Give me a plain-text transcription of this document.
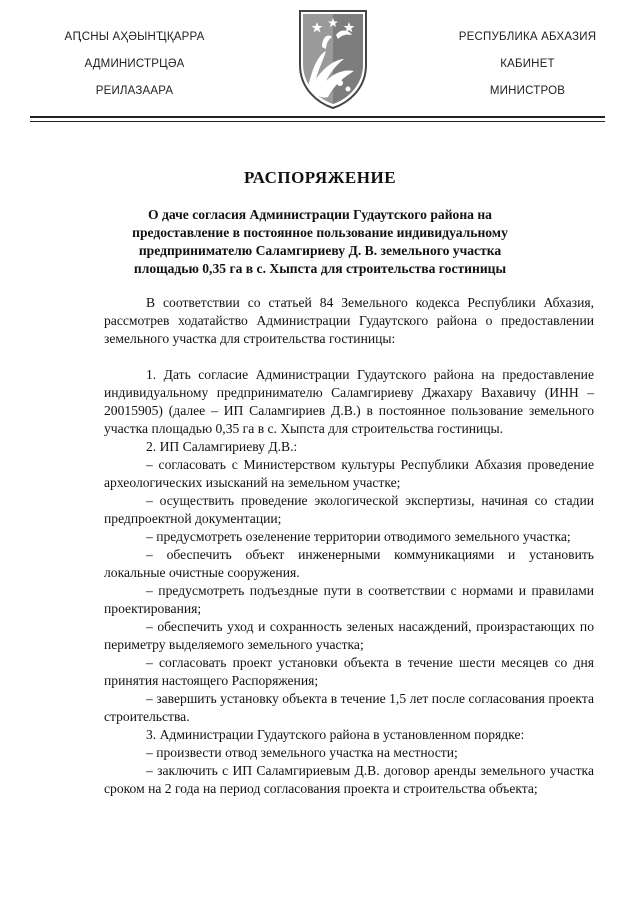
АԤСНЫ АҲӘЫНҴҚАРРА
АДМИНИСТРЦӘА
РЕИЛАЗААРА
РЕСПУБЛИКА АБХАЗИЯ
КАБИНЕТ
МИНИСТРОВ
РАСПОРЯЖЕНИЕ
О даче согласия Администрации Гудаутского района на предоставление в постоянное пользование индивидуальному предпринимателю Саламгириеву Д. В. земельного участка площадью 0,35 га в с. Хыпста для строительства гостиницы

В соответствии со статьей 84 Земельного кодекса Республики Абхазия, рассмотрев ходатайство Администрации Гудаутского района о предоставлении земельного участка для строительства гостиницы:

1. Дать согласие Администрации Гудаутского района на предоставление индивидуальному предпринимателю Саламгириеву Джахару Вахавичу (ИНН – 20015905) (далее – ИП Саламгириев Д.В.) в постоянное пользование земельного участка площадью 0,35 га в с. Хыпста для строительства гостиницы.

2. ИП Саламгириеву Д.В.:

– согласовать с Министерством культуры Республики Абхазия проведение археологических изысканий на земельном участке;

– осуществить проведение экологической экспертизы, начиная со стадии предпроектной документации;

– предусмотреть озеленение территории отводимого земельного участка;

– обеспечить объект инженерными коммуникациями и установить локальные очистные сооружения.

– предусмотреть подъездные пути в соответствии с нормами и правилами проектирования;

– обеспечить уход и сохранность зеленых насаждений, произрастающих по периметру выделяемого земельного участка;

– согласовать проект установки объекта в течение шести месяцев со дня принятия настоящего Распоряжения;

– завершить установку объекта в течение 1,5 лет после согласования проекта строительства.

3. Администрации Гудаутского района в установленном порядке:

– произвести отвод земельного участка на местности;

– заключить с ИП Саламгириевым Д.В. договор аренды земельного участка сроком на 2 года на период согласования проекта и строительства объекта;
